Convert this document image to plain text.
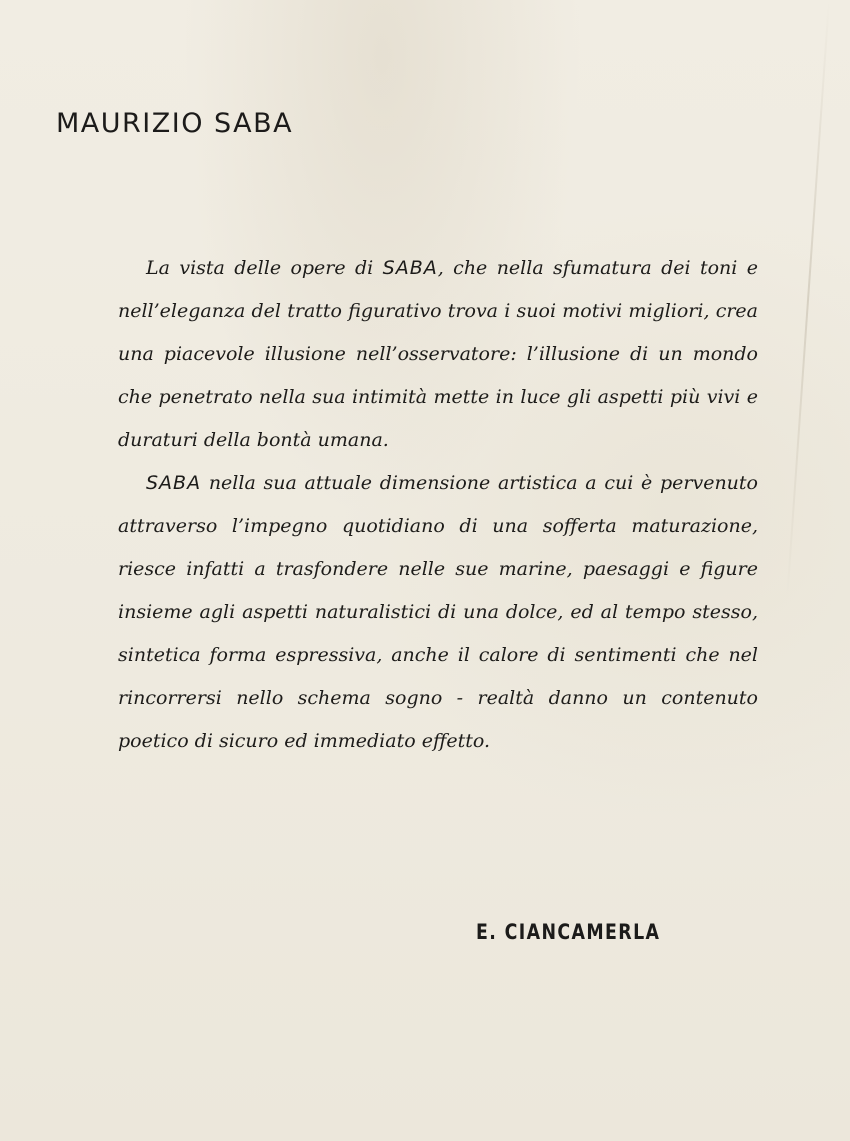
MAURIZIO SABA

La vista delle opere di SABA, che nella sfumatura dei toni e nell’eleganza del tratto figurativo trova i suoi motivi migliori, crea una piacevole illusione nell’osservatore: l’illusione di un mondo che penetrato nella sua intimità mette in luce gli aspetti più vivi e duraturi della bontà umana.

SABA nella sua attuale dimensione artistica a cui è pervenuto attraverso l’impegno quotidiano di una sofferta maturazione, riesce infatti a trasfondere nelle sue marine, paesaggi e figure insieme agli aspetti naturalistici di una dolce, ed al tempo stesso, sintetica forma espressiva, anche il calore di sentimenti che nel rincorrersi nello schema sogno - realtà danno un contenuto poetico di sicuro ed immediato effetto.

E. CIANCAMERLA
